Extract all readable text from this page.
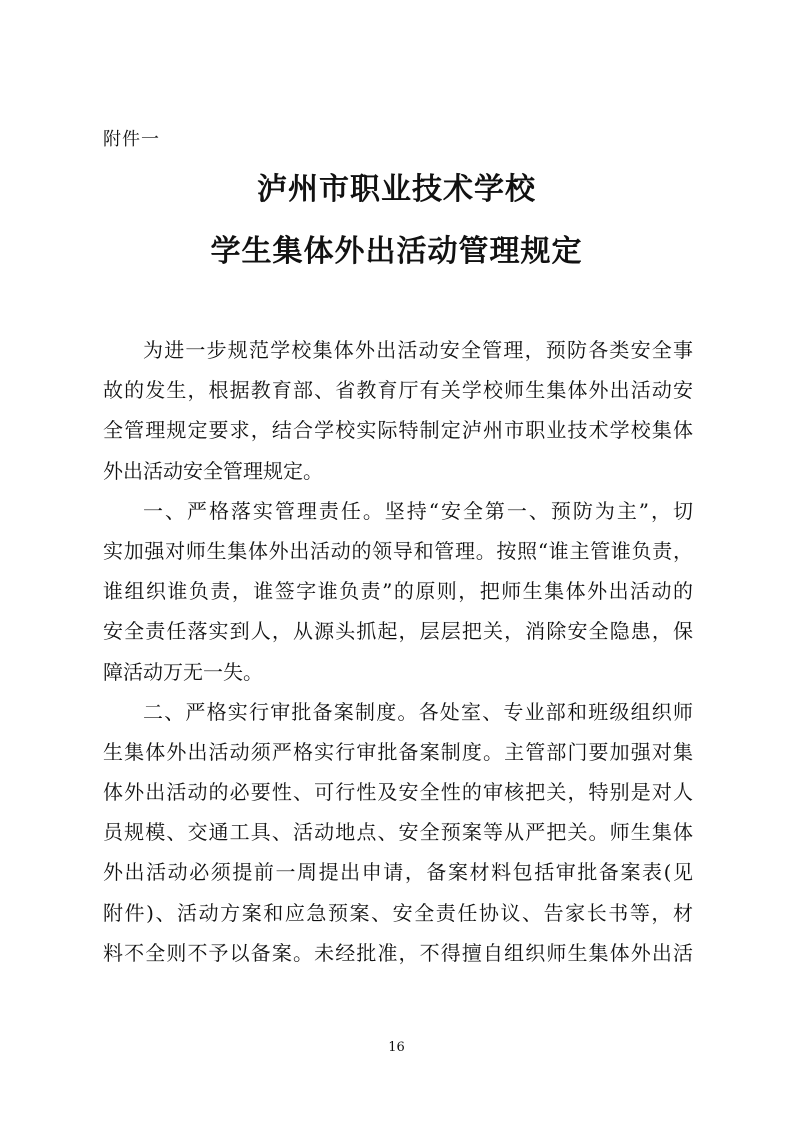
附件一
泸州市职业技术学校
学生集体外出活动管理规定
为进一步规范学校集体外出活动安全管理，预防各类安全事
故的发生，根据教育部、省教育厅有关学校师生集体外出活动安
全管理规定要求，结合学校实际特制定泸州市职业技术学校集体
外出活动安全管理规定。
一、严格落实管理责任。坚持“安全第一、预防为主”，切
实加强对师生集体外出活动的领导和管理。按照“谁主管谁负责，
谁组织谁负责，谁签字谁负责”的原则，把师生集体外出活动的
安全责任落实到人，从源头抓起，层层把关，消除安全隐患，保
障活动万无一失。
二、严格实行审批备案制度。各处室、专业部和班级组织师
生集体外出活动须严格实行审批备案制度。主管部门要加强对集
体外出活动的必要性、可行性及安全性的审核把关，特别是对人
员规模、交通工具、活动地点、安全预案等从严把关。师生集体
外出活动必须提前一周提出申请，备案材料包括审批备案表(见
附件)、活动方案和应急预案、安全责任协议、告家长书等，材
料不全则不予以备案。未经批准，不得擅自组织师生集体外出活
16
